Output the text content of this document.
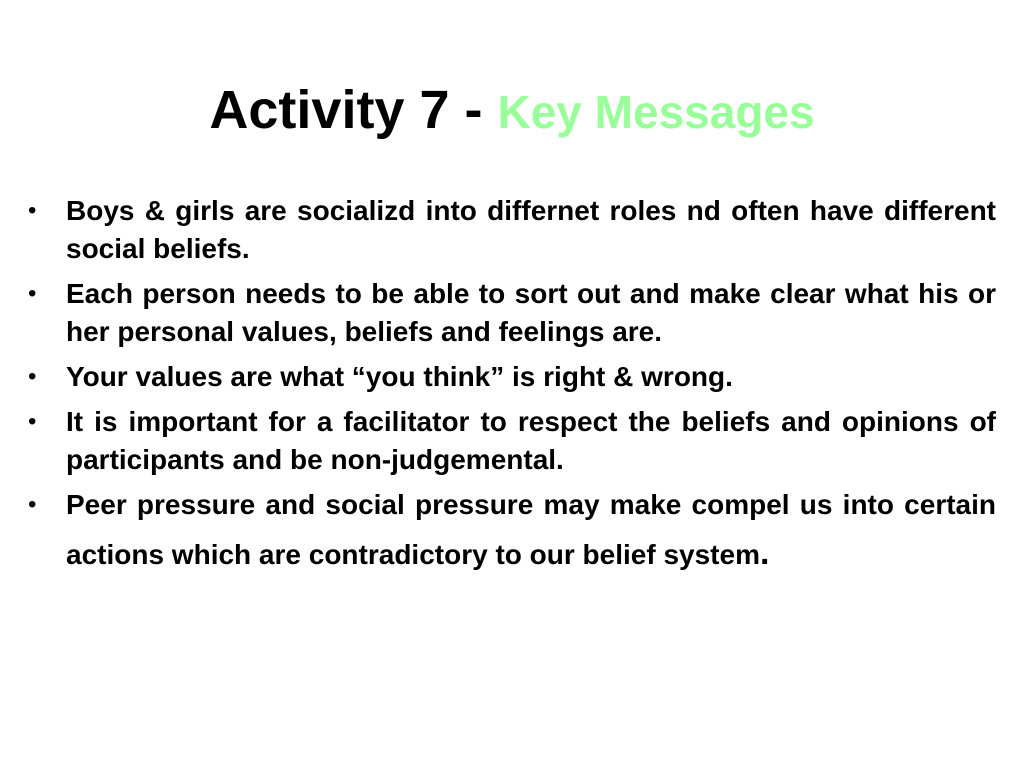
Activity 7 - Key Messages
• Boys & girls are socializd into differnet roles nd often have different social beliefs.
• Each person needs to be able to sort out and make clear what his or her personal values, beliefs and feelings are.
• Your values are what “you think” is right & wrong.
• It is important for a facilitator to respect the beliefs and opinions of participants and be non-judgemental.
• Peer pressure and social pressure may make compel us into certain actions which are contradictory to our belief system.
